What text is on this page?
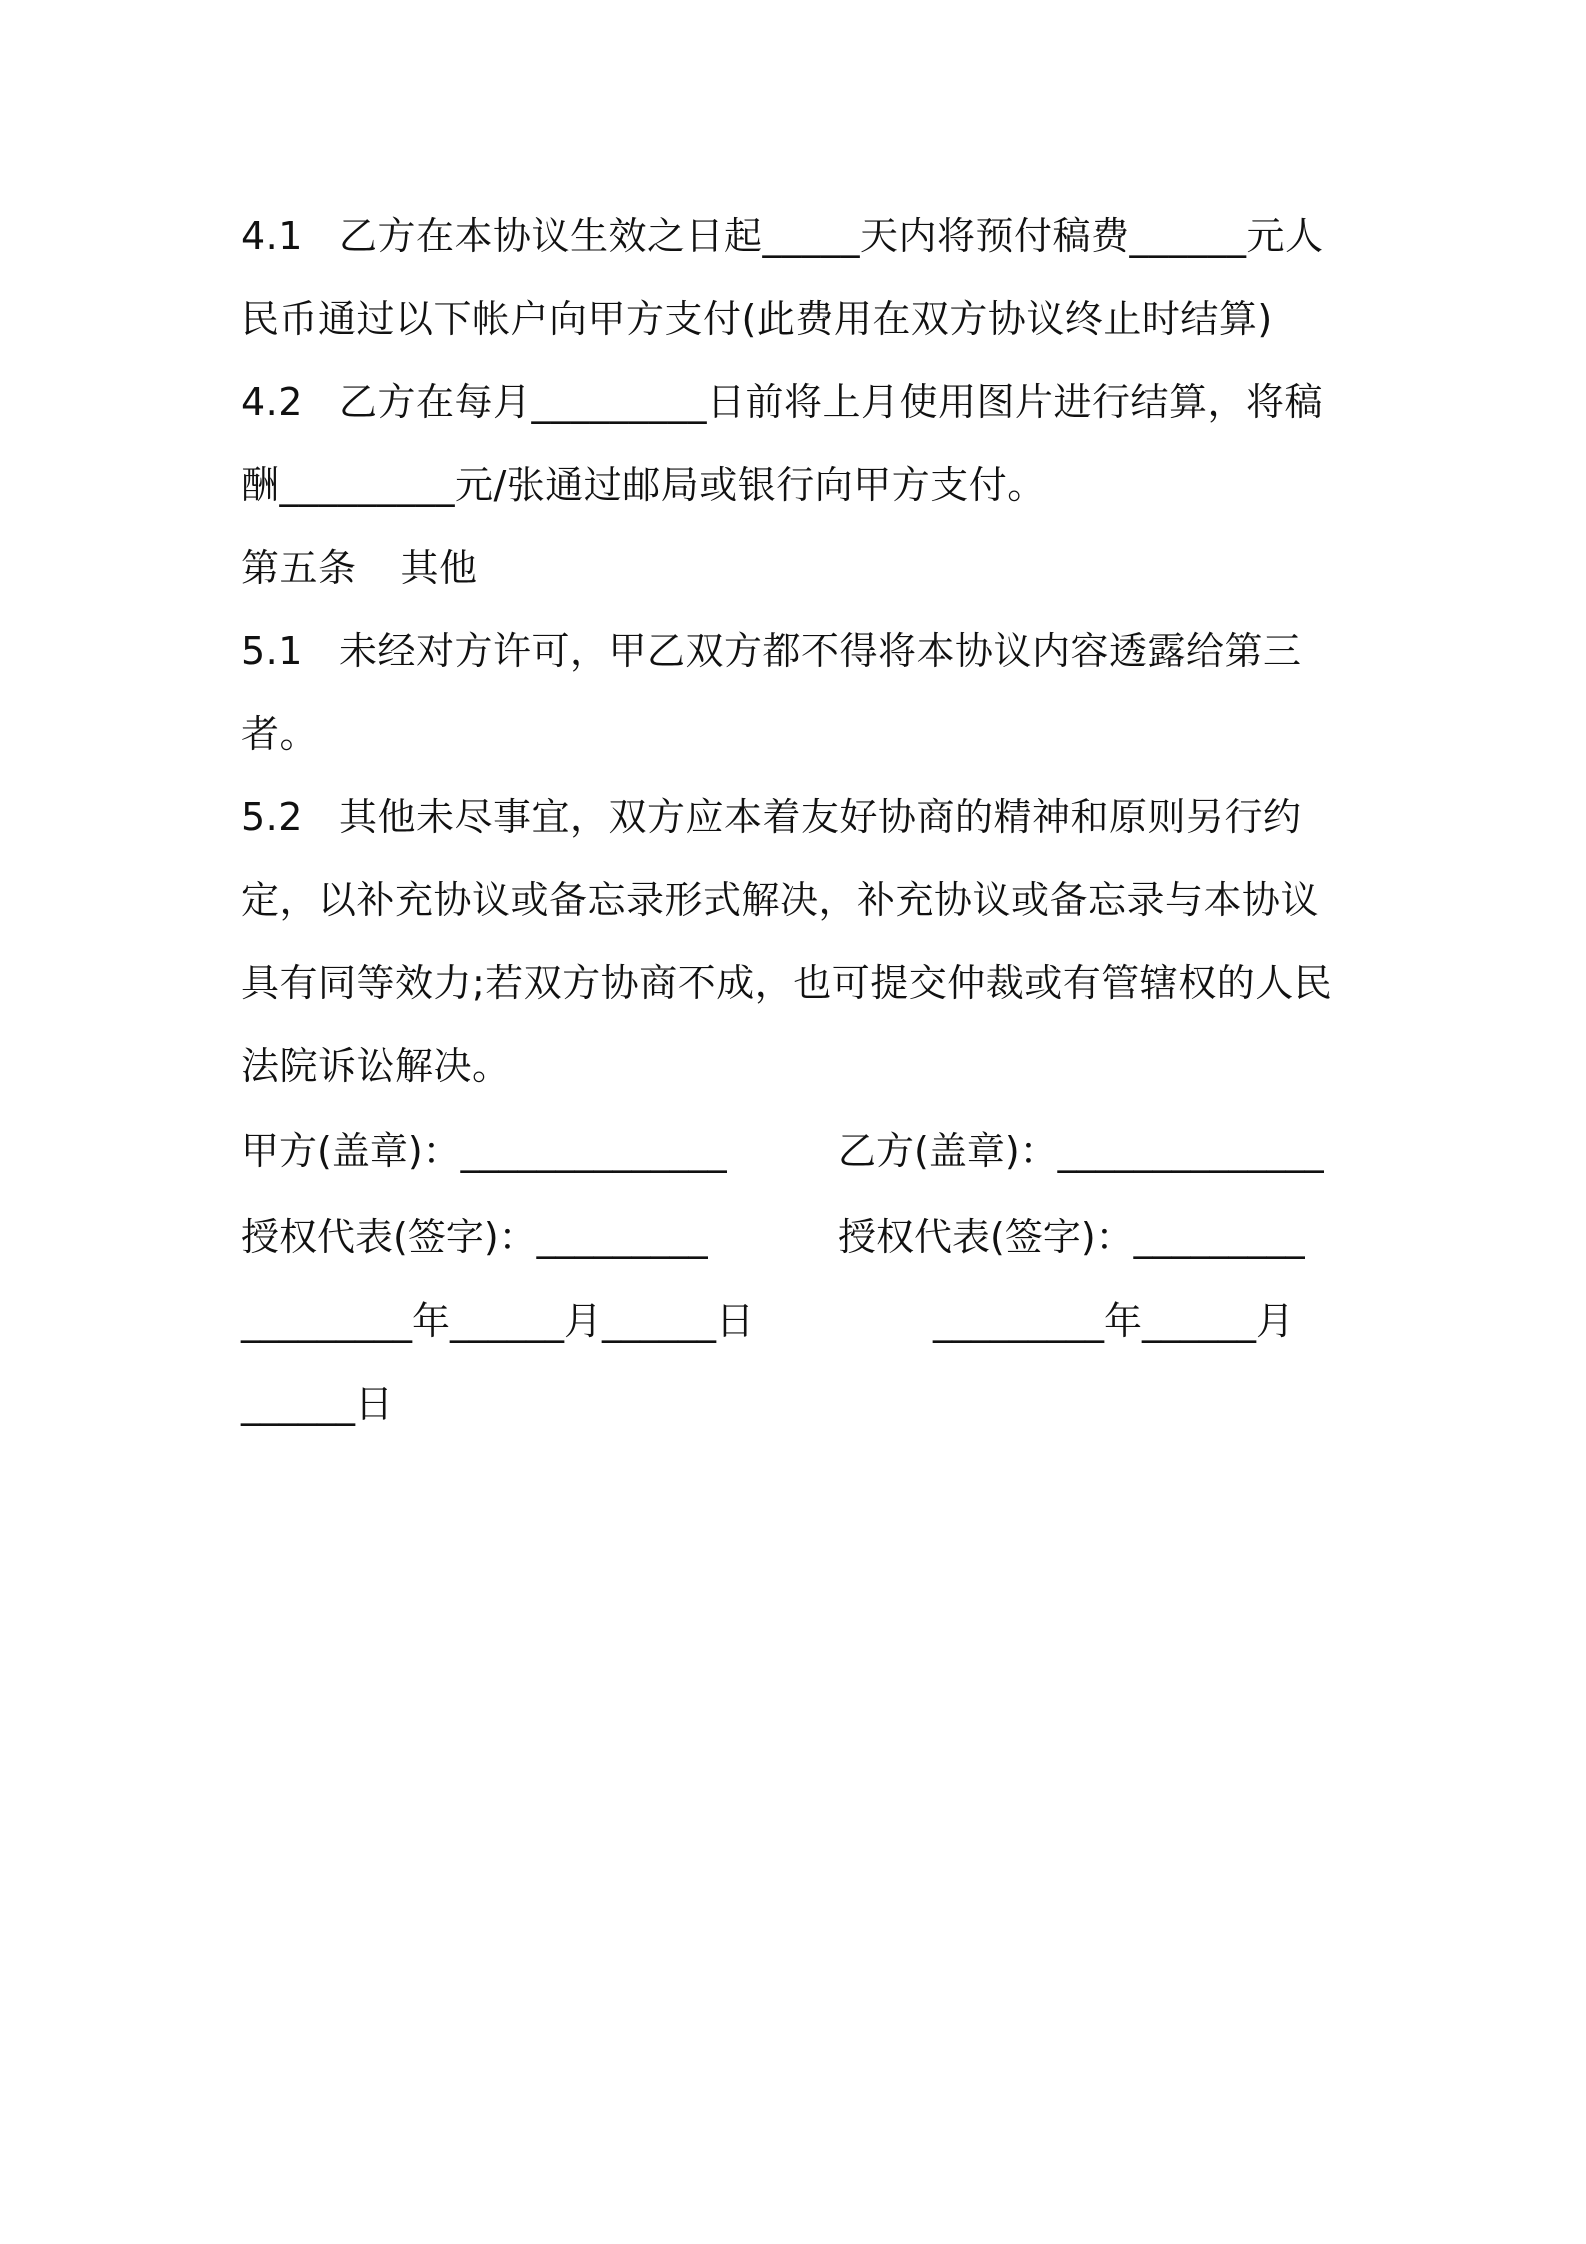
4.1 乙方在本协议生效之日起_____天内将预付稿费______元人民币通过以下帐户向甲方支付(此费用在双方协议终止时结算)

4.2 乙方在每月_________日前将上月使用图片进行结算，将稿酬_________元/张通过邮局或银行向甲方支付。

第五条 其他

5.1 未经对方许可，甲乙双方都不得将本协议内容透露给第三者。

5.2 其他未尽事宜，双方应本着友好协商的精神和原则另行约定，以补充协议或备忘录形式解决，补充协议或备忘录与本协议具有同等效力;若双方协商不成，也可提交仲裁或有管辖权的人民法院诉讼解决。

甲方(盖章)：______________	乙方(盖章)：______________
授权代表(签字)：_________	授权代表(签字)：_________
_________年______月______日	_________年______月
______日
